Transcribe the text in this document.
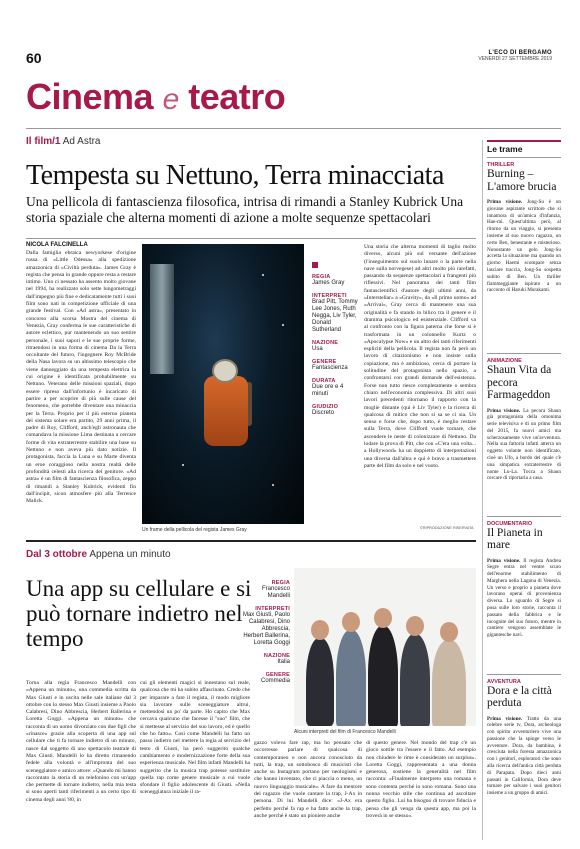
60	L'ECO DI BERGAMO
VENERDÌ 27 SETTEMBRE 2019
Cinema e teatro
Il film/1 Ad Astra
Tempesta su Nettuno, Terra minacciata
Una pellicola di fantascienza filosofica, intrisa di rimandi a Stanley Kubrick Una storia spaziale che alterna momenti di azione a molte sequenze spettacolari
NICOLA FALCINELLA
Dalla famiglia ebraica newyorkese d'origine russa di «Little Odessa» alla spedizione amazzonica di «Civiltà perduta». James Gray è regista che pensa in grande oppure resta a restare intimo. Uno ci nessato ha assento molto giovane nel 1994, ha realizzato solo sette lungometraggi dall'impegno più fine e dedicatamente tutti i suoi film sono nati in competizione ufficiale di una grande festival. Con «Ad astra», presentato in concorso alla scorsa Mostra del cinema di Venezia, Gray conferma le sue caratteristiche di autore eclettico, pur mantenendo un suo sentire personale, i suoi sapori e le sue proprie forme, ritraendosi in una forma di cinema Da la Terra occultante del futuro, l'ingegnere Roy McBride della Nasa lavora su un altissimo telescopio che viene danneggiato da una tempesta elettrica la cui origine è identificata probabilmente su Nettuno. Veterano delle missioni spaziali, dopo essere ripreso dall'infortunio è incaricato di partire a per scoprire di più sulle cause del fenomeno, che potrebbe diventare una minaccia per la Terra. Proprio per il più esterno pianeta del sistema solare era partito, 29 anni prima, il padre di Roy, Clifford, anch'egli astronauta che comandava la missione Lima destinata a cercare forme di vita extraterrestre stabilire una base su Nettuno e non aveva più dato notizie. Il protagonista, faccia la Luna e su Marte diventa un eroe coraggioso nella nostra realtà delle profondità celesti alla ricerca del genitore. «Ad astra» è un film di fantascienza filosofica, zeppo di rimandi a Stanley Kubrick, evidenti fin dall'incipit, sicon atmosfere più alla Terrence Malick.
Un frame della pellicola del regista James Gray
REGIA
James Gray
INTERPRETI
Brad Pitt, Tommy Lee Jones, Ruth Negga, Liv Tyler, Donald Sutherland
NAZIONE
Usa
GENERE
Fantascienza
DURATA
Due ore e 4 minuti
GIUDIZIO
Discreto
Una storia che alterna momenti di taglio molto diverso, alcuni più sul versante dell'azione (l'inseguimento sul suolo lunare o la parte nella nave sulla norvegese) ad altri molto più rarefatti, passando da sequenze spettacolari a frangenti più riflessivi. Nel panorama dei tanti film fantascientifici d'autore degli ultimi anni, da «Interstellar» a «Gravity», da «Il primo uomo» ad «Arrival», Gray cerca di mantenere una sua originalità e fa stando in bilico tra il genere e il dramma psicologico ed esistenziale. Clifford va al confronto con la figura paterna che forse si è trasformata in un colonnello Kurtz o «Apocalypse Now» e un altro dei tanti riferimenti espliciti della pellicola. Il regista non fa però un lavoro di citazionismo e non insiste sulla copiazione, ma è ambizioso, cerca di portare la solitudine del protagonista nello spazio, a confrontarsi con grandi domande dell'esistenza. Forse non tutto riesce completamente o sembra chiaro nell'economia complessiva. Di altri suoi lavori precedenti ritornano il rapporto con la moglie distante (qui è Liv Tyler) e la ricerca di qualcosa di mitico che non si sa se ci sia. Un senso e forse che, dopo tutto, è meglio restare sulla Terra, dove Clifford vuole tornare, che ascendere le neste di colonizzare di Nettuno. Da lodare la prova di Pitt, che con «C'era una volta... a Hollywood» ha un doppietto di interpretazioni una diversa dall'altra e qui è bravo a trasmettere parte del film da solo e nel vuoto.
©RIPRODUZIONE RISERVATA
Dal 3 ottobre Appena un minuto
Una app su cellulare e si può tornare indietro nel tempo
REGIA
Francesco Mandelli
INTERPRETI
Max Giusti, Paolo Calabresi, Dino Abbrescia, Herbert Ballerina, Loretta Goggi
NAZIONE
Italia
GENERE
Commedia
Alcuni interpreti del film di Francesco Mandelli
Torna alla regia Francesco Mandelli con «Appena un minuto», una commedia scritta da Max Giusti e in uscita nelle sale italiane dal 3 ottobre con lo stesso Max Giusti insieme a Paolo Calabresi, Dino Abbrescia, Herbert Ballerina e Loretta Goggi. «Appena un minuto» che racconta di un uomo divorziato con due figli che «rinasce» grazie alla scoperta di una app sul cellulare che ti fa tornare indietro di un minuto, nasce dal soggetto di uno spettacolo teatrale di Max Giusti. Mandelli lo ha diretto rimanendo fedele alla volontà e all'impronta del suo sceneggiatore e amico attore: «Quando mi hanno raccontato la storia di un telefonino con un'app che permette di tornare indietro, nella mia testa si sono aperti tanti riferimenti a un certo tipo di cinema degli anni '80, in
cui gli elementi magici si innestano sul reale, qualcosa che mi ha subito affascinato. Credo che per imparare a fare il regista, il modo migliore sia lavorare sulle sceneggiature altrui, mettendosi un po' da parte. Ho capito che Max cercava qualcuno che facesse il "suo" film, che si mettesse al servizio del suo lavoro, ed è quello che ho fatto». Così come Mandelli ha fatto un passo indietro nel mettere la regia al servizio del testo di Giusti, ha però suggerito qualche cambiamento e modernizzazione forte della sua esperienza musicale. Nel film infatti Mandelli ha suggerito che la musica trap potesse sostituire quella rap come genere musicale a cui vuole sfondare il figlio adolescente di Giusti. «Nella sceneggiatura iniziale il ra-
gazzo voleva fare rap, ma ho pensato che occorresse parlare di qualcosa di contemporaneo e non ancora conosciuto da tutti, la trap, un sottobosco di musicisti che anche su Instagram portano per neologismi e che hanno inventato, che ci piaccia o meno, un nuovo linguaggio musicale». A fare da mentore del ragazzo che vuole cantare la trap, J-Ax in persona. Di lui Mandelli dice: «J-Ax era perfetto perché fa rap e ha fatto anche la trap, anche perché è stato un pioniere anche
di questo genere. Nel mondo del trap c'è un gioco sottile tra l'essere e il fatto. Ad esempio non chiudere le rime è considerato un surplus». Loretta Goggi, rappresentata a una donna generosa, sostiene la generalità nel film racconta: «Finalmente interpreto una romana e sono contenta perché io sono romana. Sono una nonna vecchio stile che continua ad ascoltare questo figlio. Lui ha bisogno di trovare fiducia e pensa che gli venga da questa app, ma poi la troverà in se stesso».
Le trame
THRILLER
Burning – L'amore brucia
Prima visione. Jong-Su è un giovane aspirante scrittore che si innamora di un'amica d'infanzia, Hae-mi. Quest'ultima però, al ritorno da un viaggio, si presenta insieme al suo nuovo ragazzo, un certo Ben, benestante e misterioso. Nonostante un gelo Jong-Su accetta la situazione ma quando un giorno Haemi scompare senza lasciare traccia, Jong-Su sospetta subito di Ben. Un thriller fiammeggiante ispirato a un racconto di Haruki Murakami.
ANIMAZIONE
Shaun Vita da pecora Farmageddon
Prima visione. La pecora Shaun già protagonista della omonima serie televisiva e di un primo film del 2015, fa nuovi amici ma scherzosamente vive un'avventura. Nella sua fattoria infatti atterra un oggetto volante non identificato, cioè un Ufo, a bordo del quale c'è una simpatica extraterrestre di nome Lu-La. Tocca a Shaun cercare di riportarla a casa.
DOCUMENTARIO
Il Pianeta in mare
Prima visione. Il regista Andrea Segre entra nel ventre scuro dell'enorme stabilimento di Marghera nella Laguna di Venezia. Un verso e proprio a pianeta dove lavorano operai di provenienza diversa. Lo sguardo di Segre si posa sulle loro storie, racconta il passato della fabbrica e le incognite del suo futuro, mentre in cantiere vengono assemblate le gigantesche navi.
AVVENTURA
Dora e la città perduta
Prima visione. Tratto da una celebre serie tv, Dora, archeologa con spirito avventuriero vive una passione che la spinge verso le avventure. Dora, da bambina, è cresciuta nella foresta amazzonica con i genitori, esploratori che sono alla ricerca dell'antica città perduta di Parapata. Dopo dieci anni passati in California, Dora deve tornare per salvare i suoi genitori insieme a un gruppo di amici.
